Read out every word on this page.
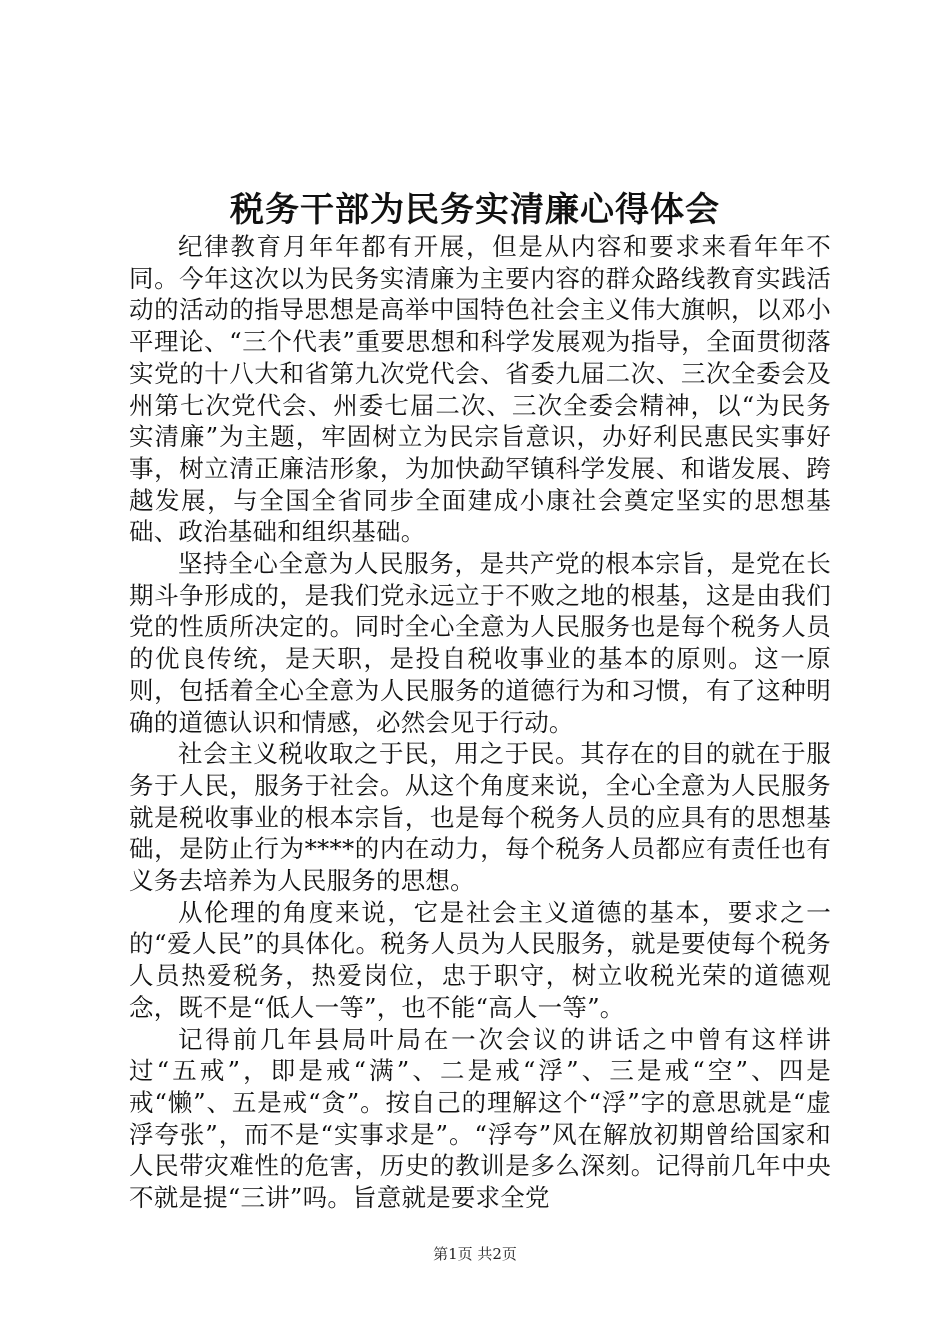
税务干部为民务实清廉心得体会

纪律教育月年年都有开展，但是从内容和要求来看年年不同。今年这次以为民务实清廉为主要内容的群众路线教育实践活动的活动的指导思想是高举中国特色社会主义伟大旗帜，以邓小平理论、“三个代表”重要思想和科学发展观为指导，全面贯彻落实党的十八大和省第九次党代会、省委九届二次、三次全委会及州第七次党代会、州委七届二次、三次全委会精神，以“为民务实清廉”为主题，牢固树立为民宗旨意识，办好利民惠民实事好事，树立清正廉洁形象，为加快勐罕镇科学发展、和谐发展、跨越发展，与全国全省同步全面建成小康社会奠定坚实的思想基础、政治基础和组织基础。

坚持全心全意为人民服务，是共产党的根本宗旨，是党在长期斗争形成的，是我们党永远立于不败之地的根基，这是由我们党的性质所决定的。同时全心全意为人民服务也是每个税务人员的优良传统，是天职，是投自税收事业的基本的原则。这一原则，包括着全心全意为人民服务的道德行为和习惯，有了这种明确的道德认识和情感，必然会见于行动。

社会主义税收取之于民，用之于民。其存在的目的就在于服务于人民，服务于社会。从这个角度来说，全心全意为人民服务就是税收事业的根本宗旨，也是每个税务人员的应具有的思想基础，是防止行为****的内在动力，每个税务人员都应有责任也有义务去培养为人民服务的思想。

从伦理的角度来说，它是社会主义道德的基本，要求之一的“爱人民”的具体化。税务人员为人民服务，就是要使每个税务人员热爱税务，热爱岗位，忠于职守，树立收税光荣的道德观念，既不是“低人一等”，也不能“高人一等”。

记得前几年县局叶局在一次会议的讲话之中曾有这样讲过“五戒”，即是戒“满”、二是戒“浮”、三是戒“空”、四是戒“懒”、五是戒“贪”。按自己的理解这个“浮”字的意思就是“虚浮夸张”，而不是“实事求是”。“浮夸”风在解放初期曾给国家和人民带灾难性的危害，历史的教训是多么深刻。记得前几年中央不就是提“三讲”吗。旨意就是要求全党

第1页 共2页
